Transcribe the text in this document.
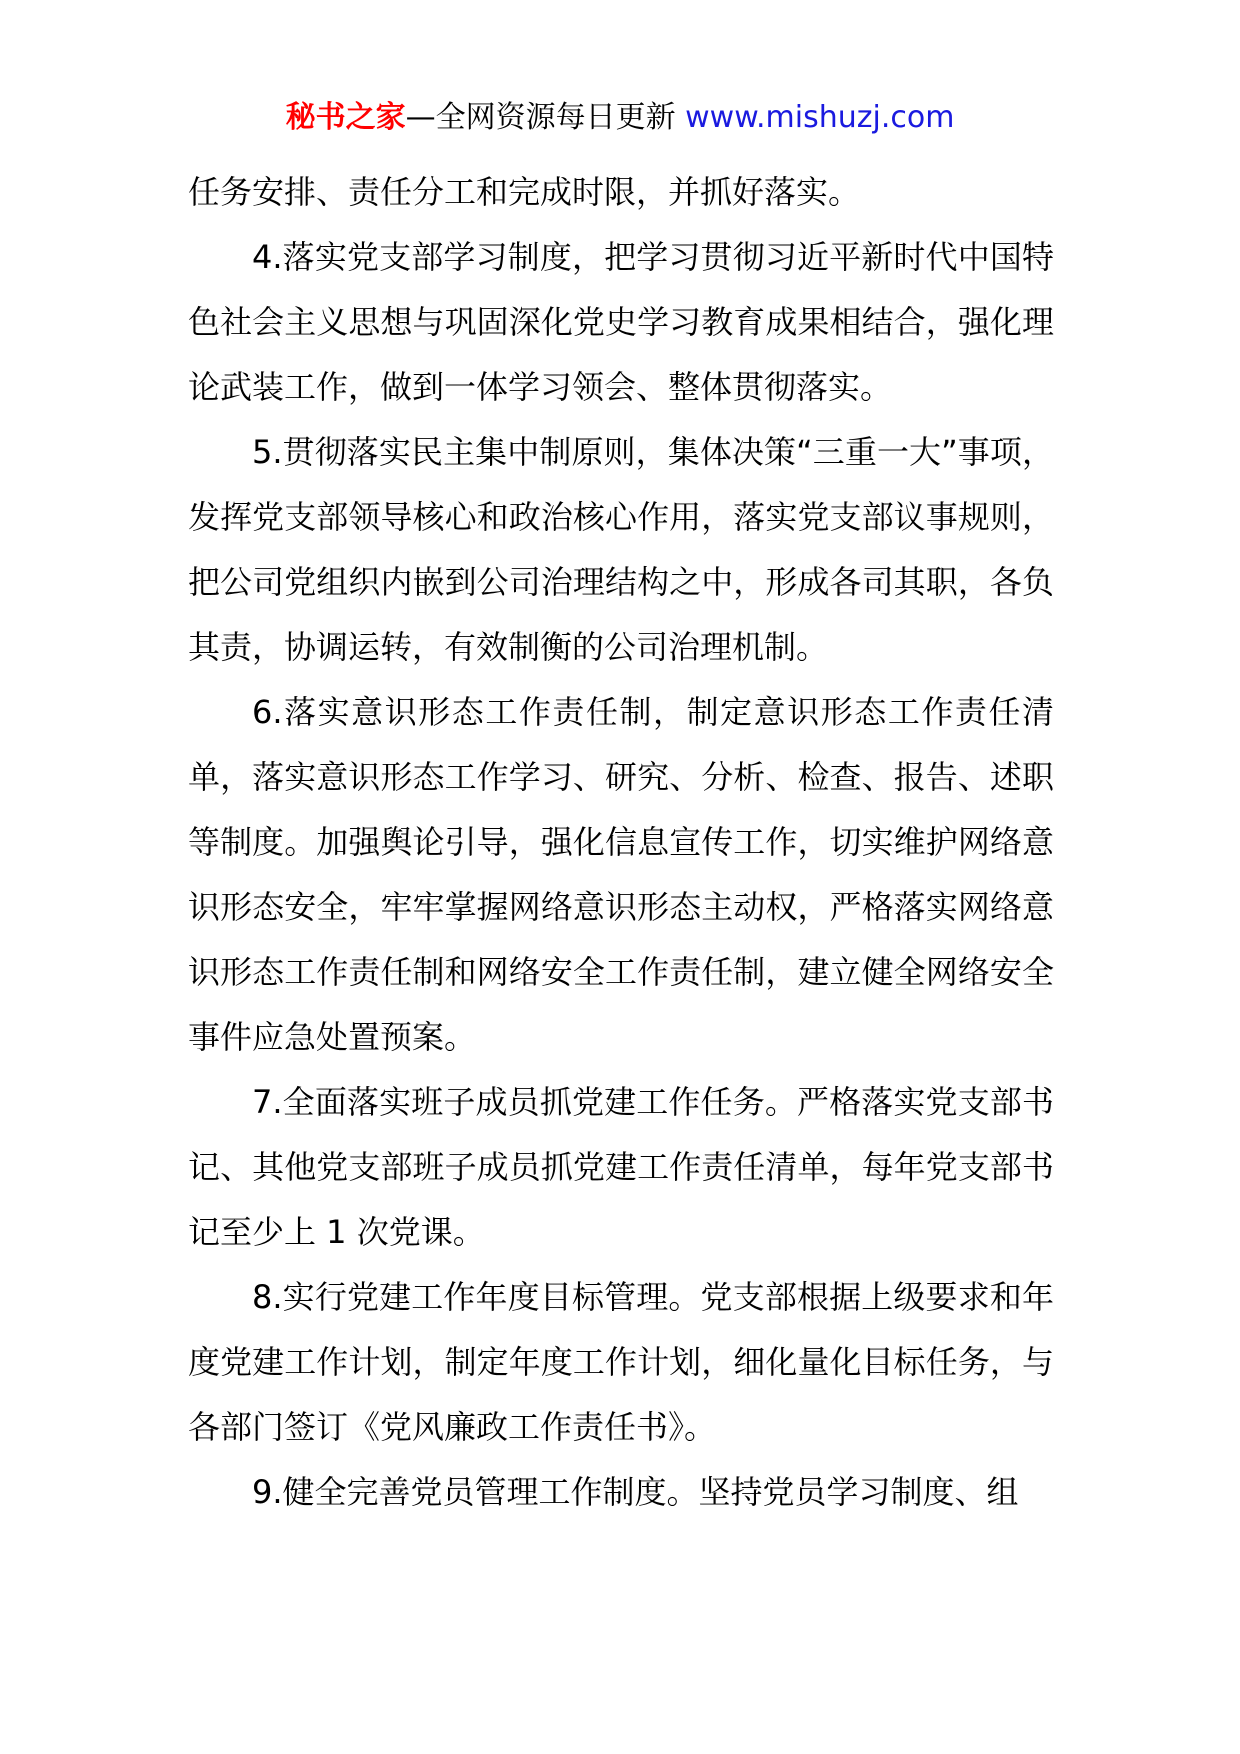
秘书之家—全网资源每日更新 www.mishuzj.com

任务安排、责任分工和完成时限，并抓好落实。

4.落实党支部学习制度，把学习贯彻习近平新时代中国特色社会主义思想与巩固深化党史学习教育成果相结合，强化理论武装工作，做到一体学习领会、整体贯彻落实。

5.贯彻落实民主集中制原则，集体决策“三重一大”事项，发挥党支部领导核心和政治核心作用，落实党支部议事规则，把公司党组织内嵌到公司治理结构之中，形成各司其职，各负其责，协调运转，有效制衡的公司治理机制。

6.落实意识形态工作责任制，制定意识形态工作责任清单，落实意识形态工作学习、研究、分析、检查、报告、述职等制度。加强舆论引导，强化信息宣传工作，切实维护网络意识形态安全，牢牢掌握网络意识形态主动权，严格落实网络意识形态工作责任制和网络安全工作责任制，建立健全网络安全事件应急处置预案。

7.全面落实班子成员抓党建工作任务。严格落实党支部书记、其他党支部班子成员抓党建工作责任清单，每年党支部书记至少上 1 次党课。

8.实行党建工作年度目标管理。党支部根据上级要求和年度党建工作计划，制定年度工作计划，细化量化目标任务，与各部门签订《党风廉政工作责任书》。

9.健全完善党员管理工作制度。坚持党员学习制度、组
